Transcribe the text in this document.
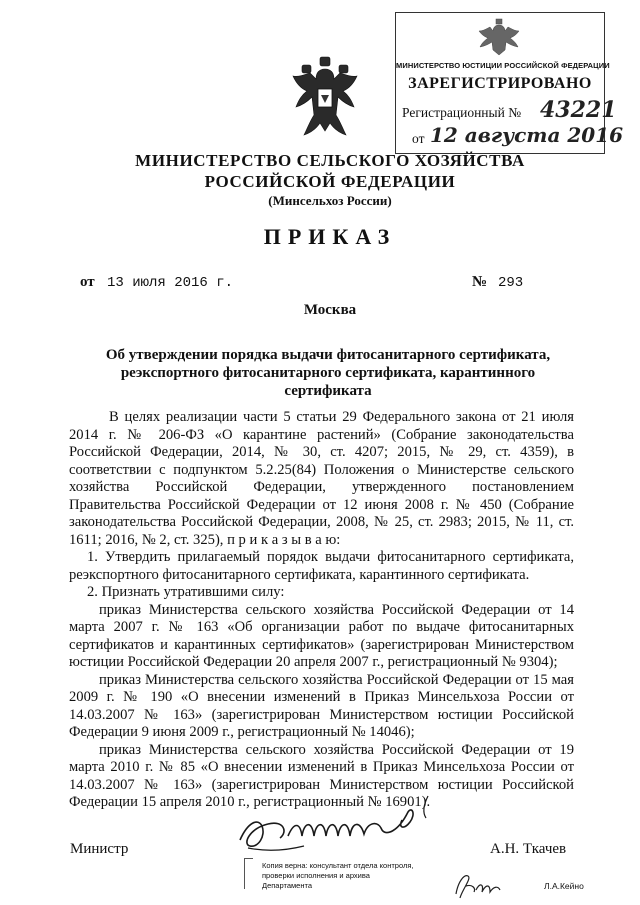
МИНИСТЕРСТВО ЮСТИЦИИ РОССИЙСКОЙ ФЕДЕРАЦИИ
ЗАРЕГИСТРИРОВАНО
Регистрационный № 43221
от 12 августа 2016
МИНИСТЕРСТВО СЕЛЬСКОГО ХОЗЯЙСТВА
РОССИЙСКОЙ ФЕДЕРАЦИИ
(Минсельхоз России)
ПРИКАЗ
от 13 июля 2016 г.	№ 293
Москва
Об утверждении порядка выдачи фитосанитарного сертификата, реэкспортного фитосанитарного сертификата, карантинного сертификата

В целях реализации части 5 статьи 29 Федерального закона от 21 июля 2014 г. № 206-ФЗ «О карантине растений» (Собрание законодательства Российской Федерации, 2014, № 30, ст. 4207; 2015, № 29, ст. 4359), в соответствии с подпунктом 5.2.25(84) Положения о Министерстве сельского хозяйства Российской Федерации, утвержденного постановлением Правительства Российской Федерации от 12 июня 2008 г. № 450 (Собрание законодательства Российской Федерации, 2008, № 25, ст. 2983; 2015, № 11, ст. 1611; 2016, № 2, ст. 325), п р и к а з ы в а ю:

1. Утвердить прилагаемый порядок выдачи фитосанитарного сертификата, реэкспортного фитосанитарного сертификата, карантинного сертификата.

2. Признать утратившими силу:

приказ Министерства сельского хозяйства Российской Федерации от 14 марта 2007 г. № 163 «Об организации работ по выдаче фитосанитарных сертификатов и карантинных сертификатов» (зарегистрирован Министерством юстиции Российской Федерации 20 апреля 2007 г., регистрационный № 9304);

приказ Министерства сельского хозяйства Российской Федерации от 15 мая 2009 г. № 190 «О внесении изменений в Приказ Минсельхоза России от 14.03.2007 № 163» (зарегистрирован Министерством юстиции Российской Федерации 9 июня 2009 г., регистрационный № 14046);

приказ Министерства сельского хозяйства Российской Федерации от 19 марта 2010 г. № 85 «О внесении изменений в Приказ Минсельхоза России от 14.03.2007 № 163» (зарегистрирован Министерством юстиции Российской Федерации 15 апреля 2010 г., регистрационный № 16901).

Министр	А.Н. Ткачев
Копия верна: консультант отдела контроля,
проверки исполнения и архива
Департамента	Л.А.Кейно
